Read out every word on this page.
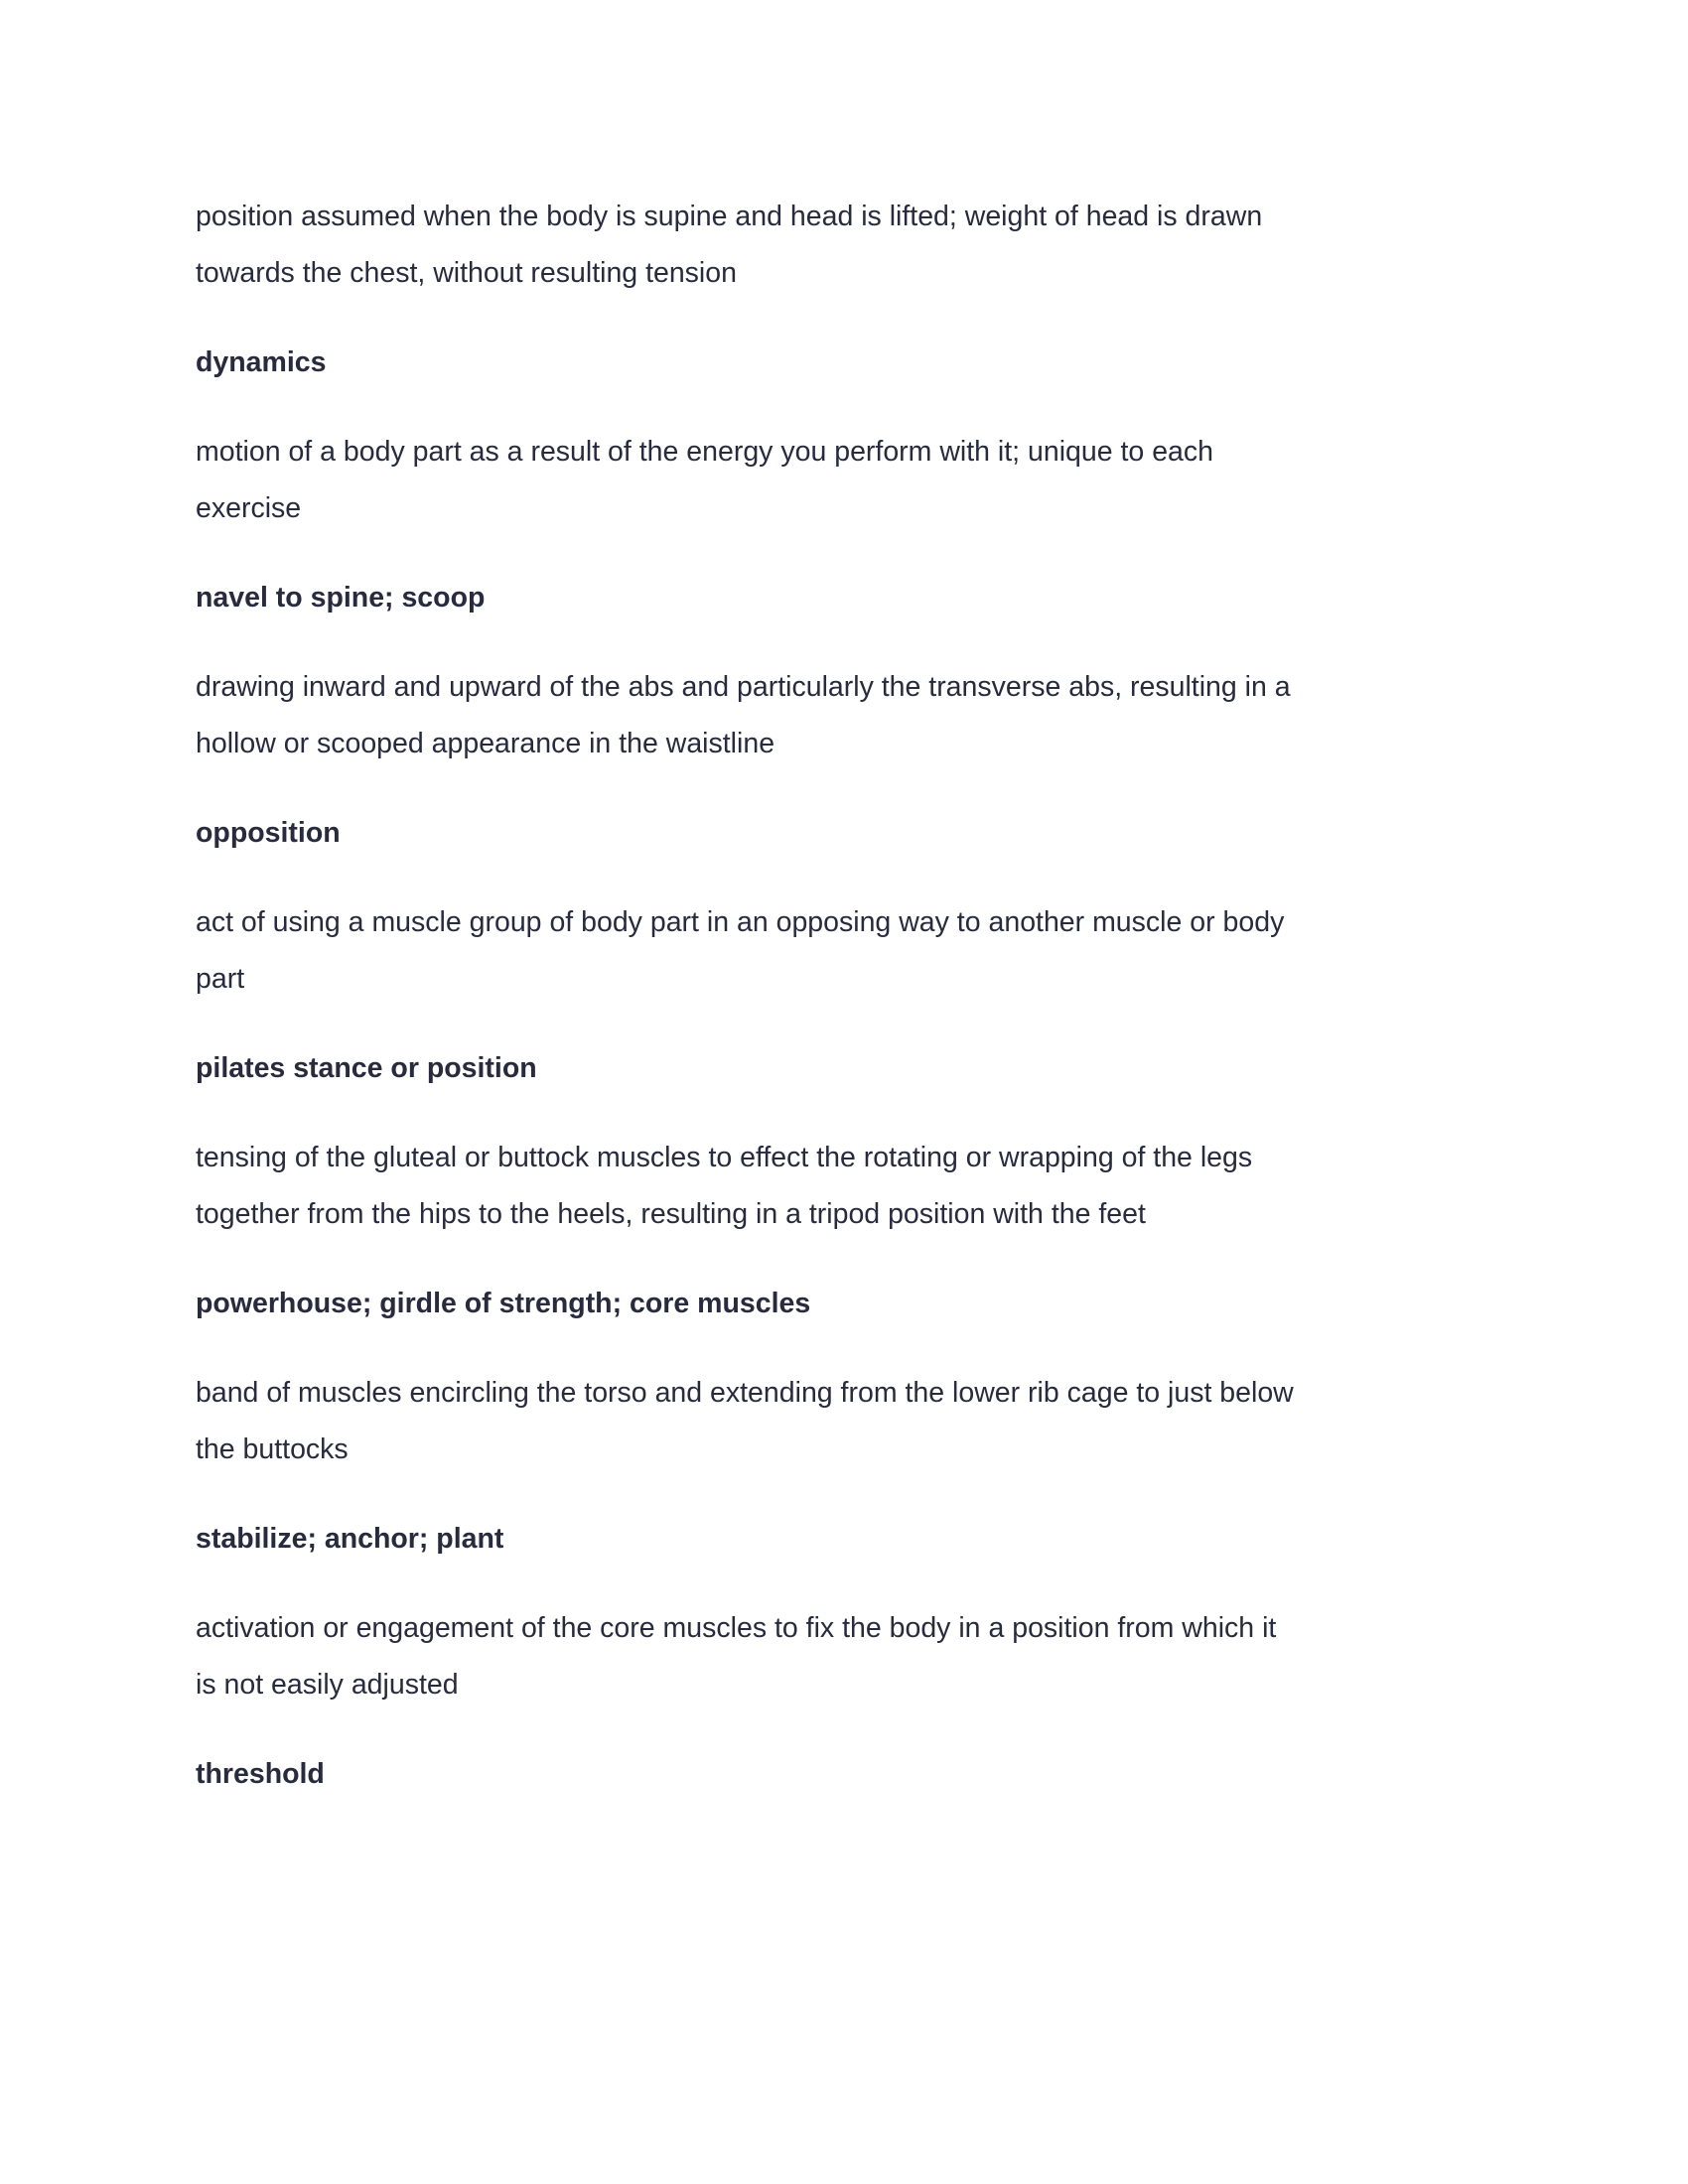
position assumed when the body is supine and head is lifted; weight of head is drawn
towards the chest, without resulting tension
dynamics
motion of a body part as a result of the energy you perform with it; unique to each
exercise
navel to spine; scoop
drawing inward and upward of the abs and particularly the transverse abs, resulting in a
hollow or scooped appearance in the waistline
opposition
act of using a muscle group of body part in an opposing way to another muscle or body
part
pilates stance or position
tensing of the gluteal or buttock muscles to effect the rotating or wrapping of the legs
together from the hips to the heels, resulting in a tripod position with the feet
powerhouse; girdle of strength; core muscles
band of muscles encircling the torso and extending from the lower rib cage to just below
the buttocks
stabilize; anchor; plant
activation or engagement of the core muscles to fix the body in a position from which it
is not easily adjusted
threshold
